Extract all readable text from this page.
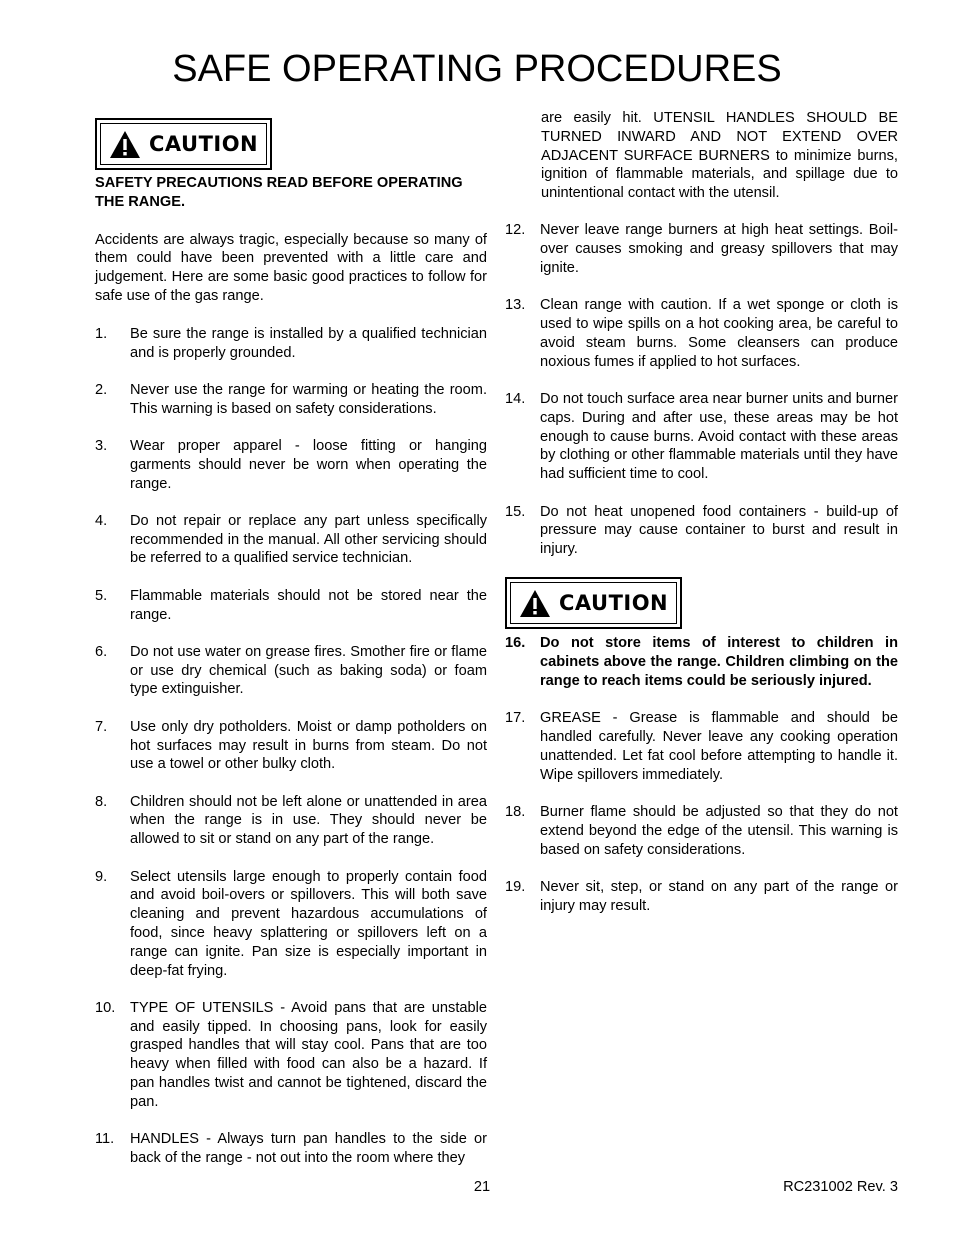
SAFE OPERATING PROCEDURES
CAUTION

SAFETY PRECAUTIONS READ BEFORE OPERATING THE RANGE.

Accidents are always tragic, especially because so many of them could have been prevented with a little care and judgement. Here are some basic good practices to follow for safe use of the gas range.

1.	Be sure the range is installed by a qualified technician and is properly grounded.
2.	Never use the range for warming or heating the room. This warning is based on safety considerations.
3.	Wear proper apparel - loose fitting or hanging garments should never be worn when operating the range.
4.	Do not repair or replace any part unless specifically recommended in the manual. All other servicing should be referred to a qualified service technician.
5.	Flammable materials should not be stored near the range.
6.	Do not use water on grease fires. Smother fire or flame or use dry chemical (such as baking soda) or foam type extinguisher.
7.	Use only dry potholders. Moist or damp potholders on hot surfaces may result in burns from steam. Do not use a towel or other bulky cloth.
8.	Children should not be left alone or unattended in area when the range is in use. They should never be allowed to sit or stand on any part of the range.
9.	Select utensils large enough to properly contain food and avoid boil-overs or spillovers. This will both save cleaning and prevent hazardous accumulations of food, since heavy splattering or spillovers left on a range can ignite. Pan size is especially important in deep-fat frying.
10.	TYPE OF UTENSILS - Avoid pans that are unstable and easily tipped. In choosing pans, look for easily grasped handles that will stay cool. Pans that are too heavy when filled with food can also be a hazard. If pan handles twist and cannot be tightened, discard the pan.
11.	HANDLES - Always turn pan handles to the side or back of the range - not out into the room where they

are easily hit. UTENSIL HANDLES SHOULD BE TURNED INWARD AND NOT EXTEND OVER ADJACENT SURFACE BURNERS to minimize burns, ignition of flammable materials, and spillage due to unintentional contact with the utensil.

12.	Never leave range burners at high heat settings. Boil-over causes smoking and greasy spillovers that may ignite.
13.	Clean range with caution. If a wet sponge or cloth is used to wipe spills on a hot cooking area, be careful to avoid steam burns. Some cleansers can produce noxious fumes if applied to hot surfaces.
14.	Do not touch surface area near burner units and burner caps. During and after use, these areas may be hot enough to cause burns. Avoid contact with these areas by clothing or other flammable materials until they have had sufficient time to cool.
15.	Do not heat unopened food containers - build-up of pressure may cause container to burst and result in injury.
CAUTION
16.	Do not store items of interest to children in cabinets above the range. Children climbing on the range to reach items could be seriously injured.
17.	GREASE - Grease is flammable and should be handled carefully. Never leave any cooking operation unattended. Let fat cool before attempting to handle it. Wipe spillovers immediately.
18.	Burner flame should be adjusted so that they do not extend beyond the edge of the utensil. This warning is based on safety considerations.
19.	Never sit, step, or stand on any part of the range or injury may result.
21	RC231002 Rev. 3
